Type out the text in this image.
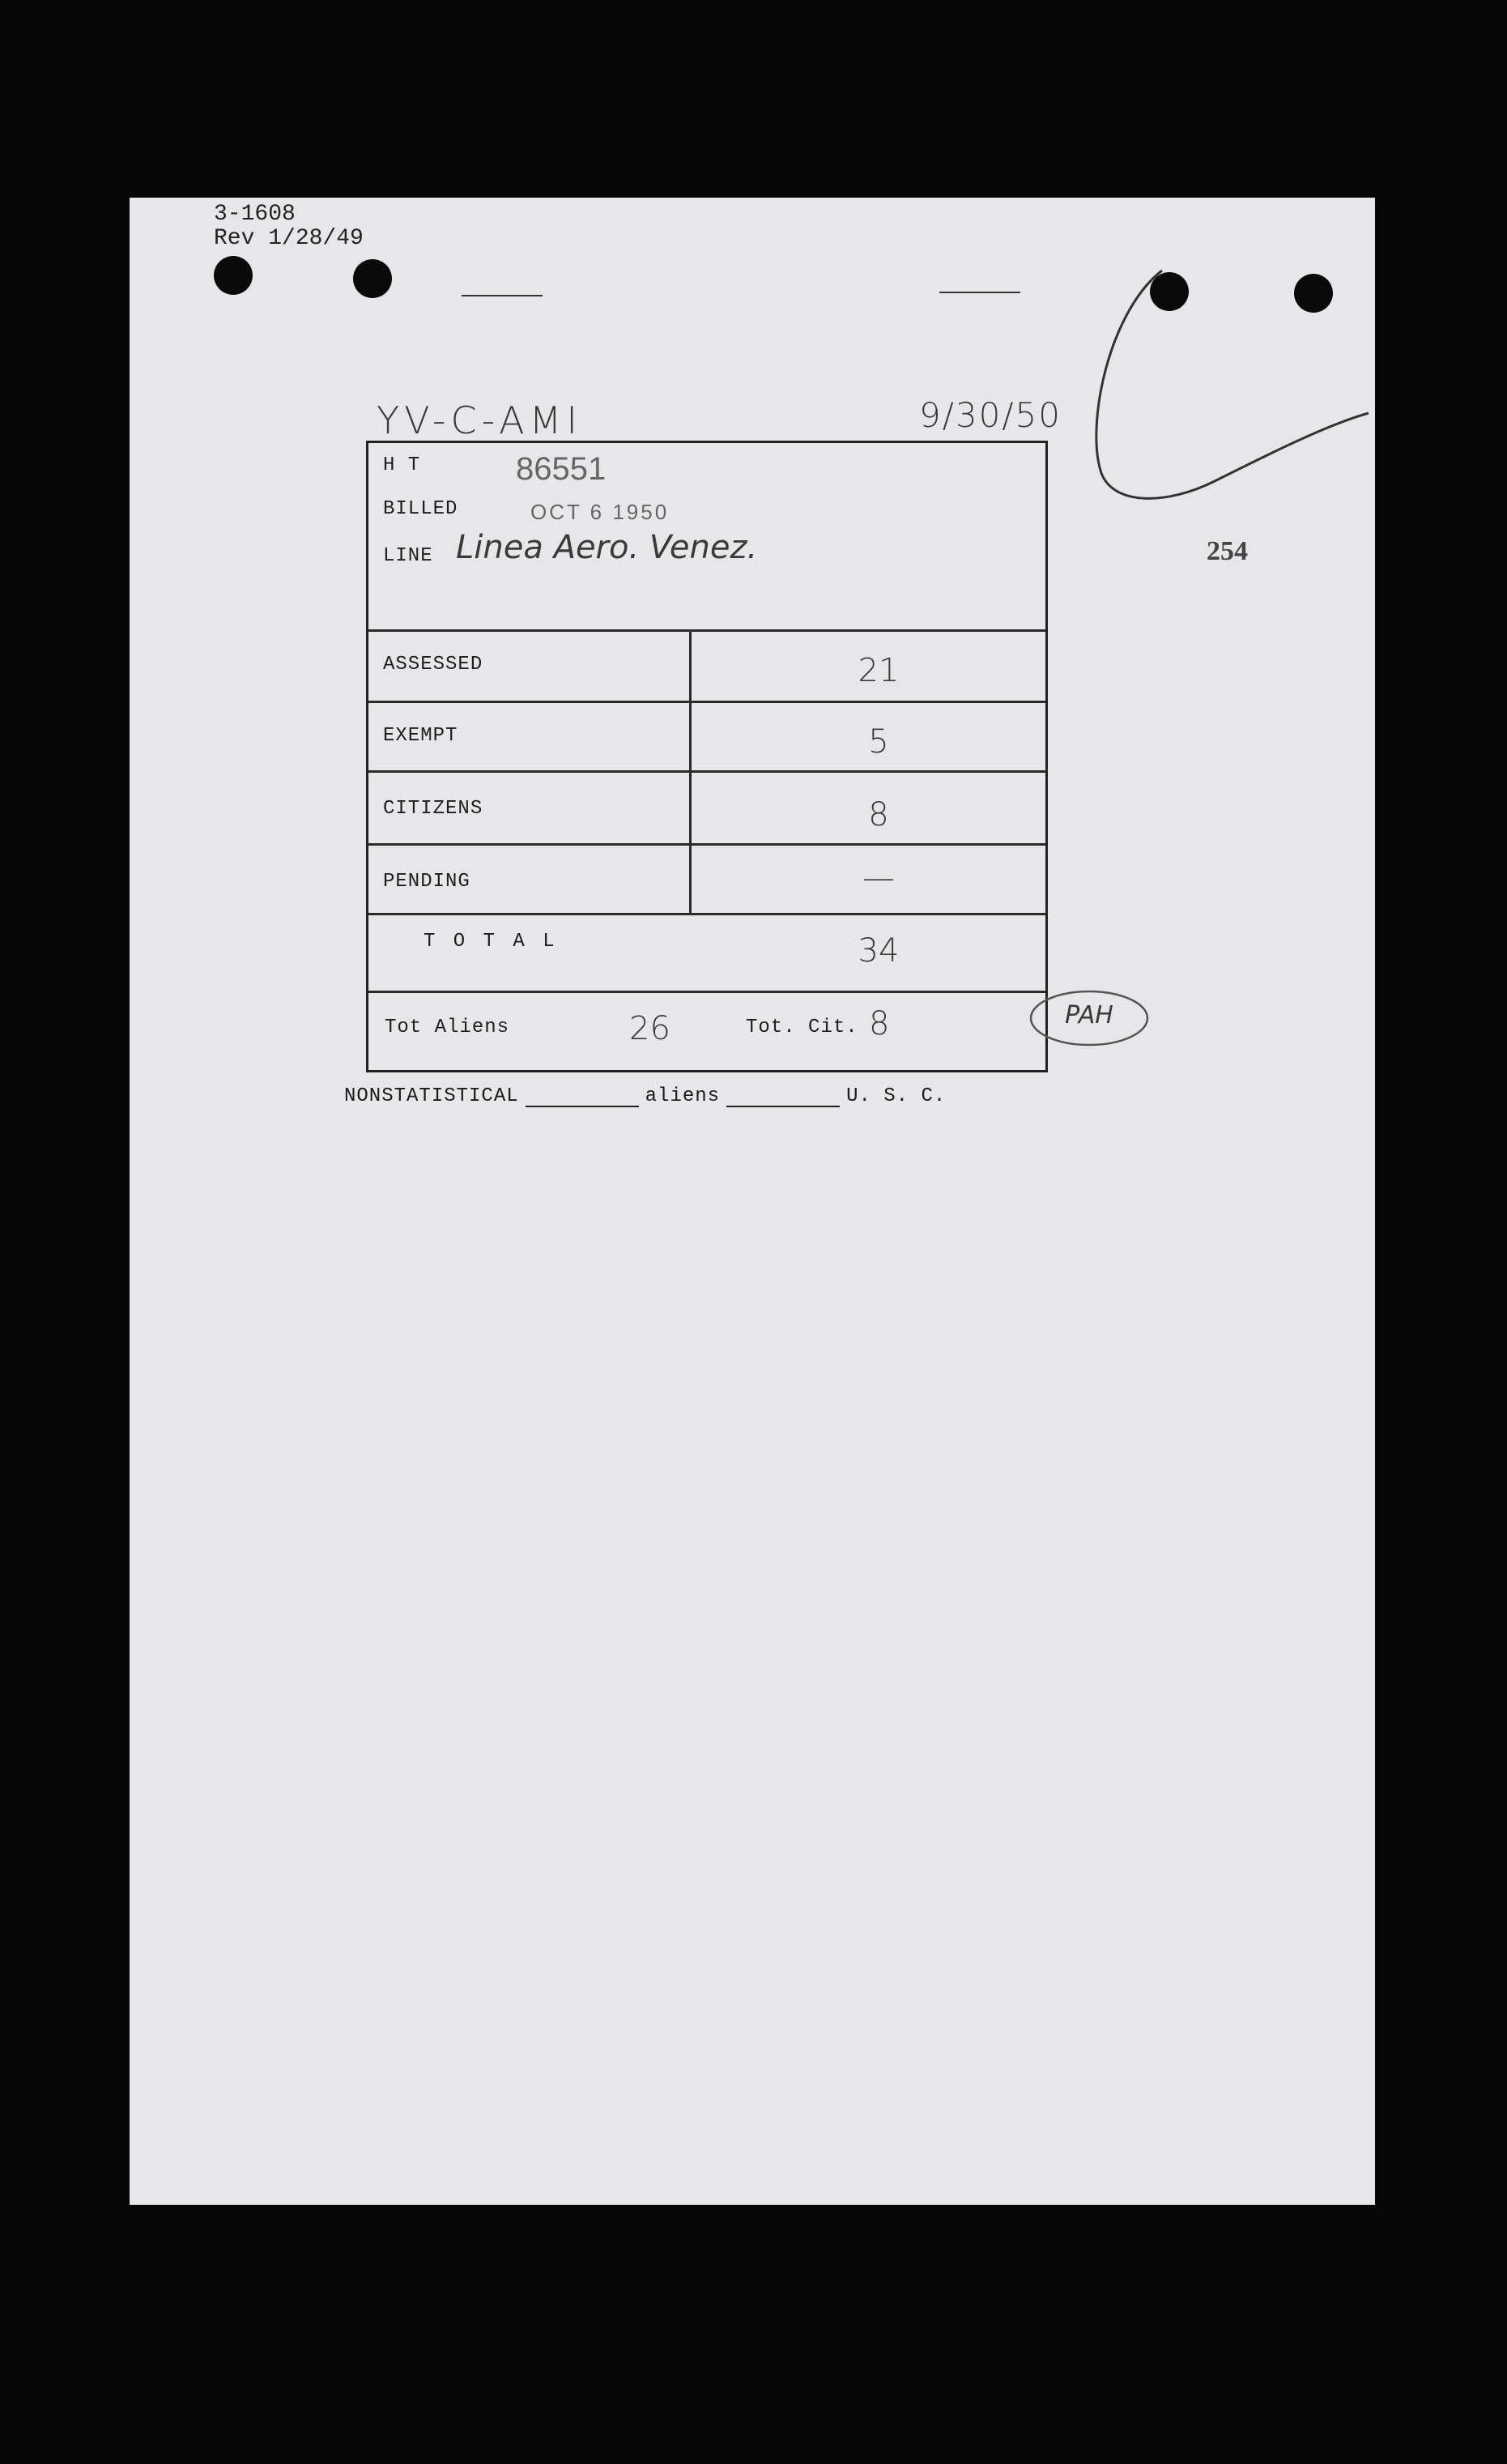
3-1608
Rev 1/28/49
YV-C-AMI	9/30/50
254
H T	86551
BILLED	OCT 6 1950
LINE Linea Aero. Venez.
ASSESSED	21
EXEMPT	5
CITIZENS	8
PENDING	—
T O T A L	34
Tot Aliens	26	Tot. Cit. 8	PAH
NONSTATISTICAL	aliens	U. S. C.
